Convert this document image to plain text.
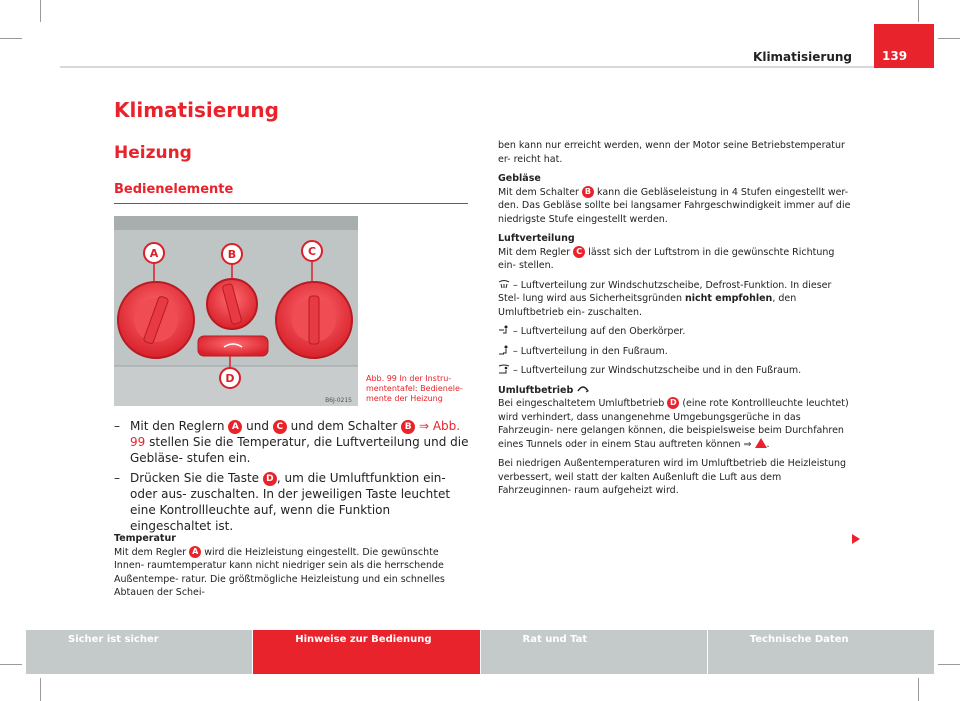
Klimatisierung	139
Klimatisierung
Heizung
Bedienelemente
A	B	C
D
B6J-0215
Abb. 99 In der Instru- mententafel: Bedienele- mente der Heizung
– Mit den Reglern A und C und dem Schalter B ⇒ Abb. 99 stellen Sie die Temperatur, die Luftverteilung und die Gebläse- stufen ein.
– Drücken Sie die Taste D , um die Umluftfunktion ein- oder aus- zuschalten. In der jeweiligen Taste leuchtet eine Kontrollleuchte auf, wenn die Funktion eingeschaltet ist.

Temperatur

Mit dem Regler A wird die Heizleistung eingestellt. Die gewünschte Innen- raumtemperatur kann nicht niedriger sein als die herrschende Außentempe- ratur. Die größtmögliche Heizleistung und ein schnelles Abtauen der Schei-

ben kann nur erreicht werden, wenn der Motor seine Betriebstemperatur er- reicht hat.

Gebläse

Mit dem Schalter B kann die Gebläseleistung in 4 Stufen eingestellt wer- den. Das Gebläse sollte bei langsamer Fahrgeschwindigkeit immer auf die niedrigste Stufe eingestellt werden.

Luftverteilung

Mit dem Regler C lässt sich der Luftstrom in die gewünschte Richtung ein- stellen.

– Luftverteilung zur Windschutzscheibe, Defrost-Funktion. In dieser Stel- lung wird aus Sicherheitsgründen nicht empfohlen, den Umluftbetrieb ein- zuschalten.

– Luftverteilung auf den Oberkörper.

– Luftverteilung in den Fußraum.

– Luftverteilung zur Windschutzscheibe und in den Fußraum.

Umluftbetrieb

Bei eingeschaltetem Umluftbetrieb D (eine rote Kontrollleuchte leuchtet) wird verhindert, dass unangenehme Umgebungsgerüche in das Fahrzeugin- nere gelangen können, die beispielsweise beim Durchfahren eines Tunnels oder in einem Stau auftreten können ⇒ .

Bei niedrigen Außentemperaturen wird im Umluftbetrieb die Heizleistung verbessert, weil statt der kalten Außenluft die Luft aus dem Fahrzeuginnen- raum aufgeheizt wird.

Sicher ist sicher	Hinweise zur Bedienung	Rat und Tat	Technische Daten
